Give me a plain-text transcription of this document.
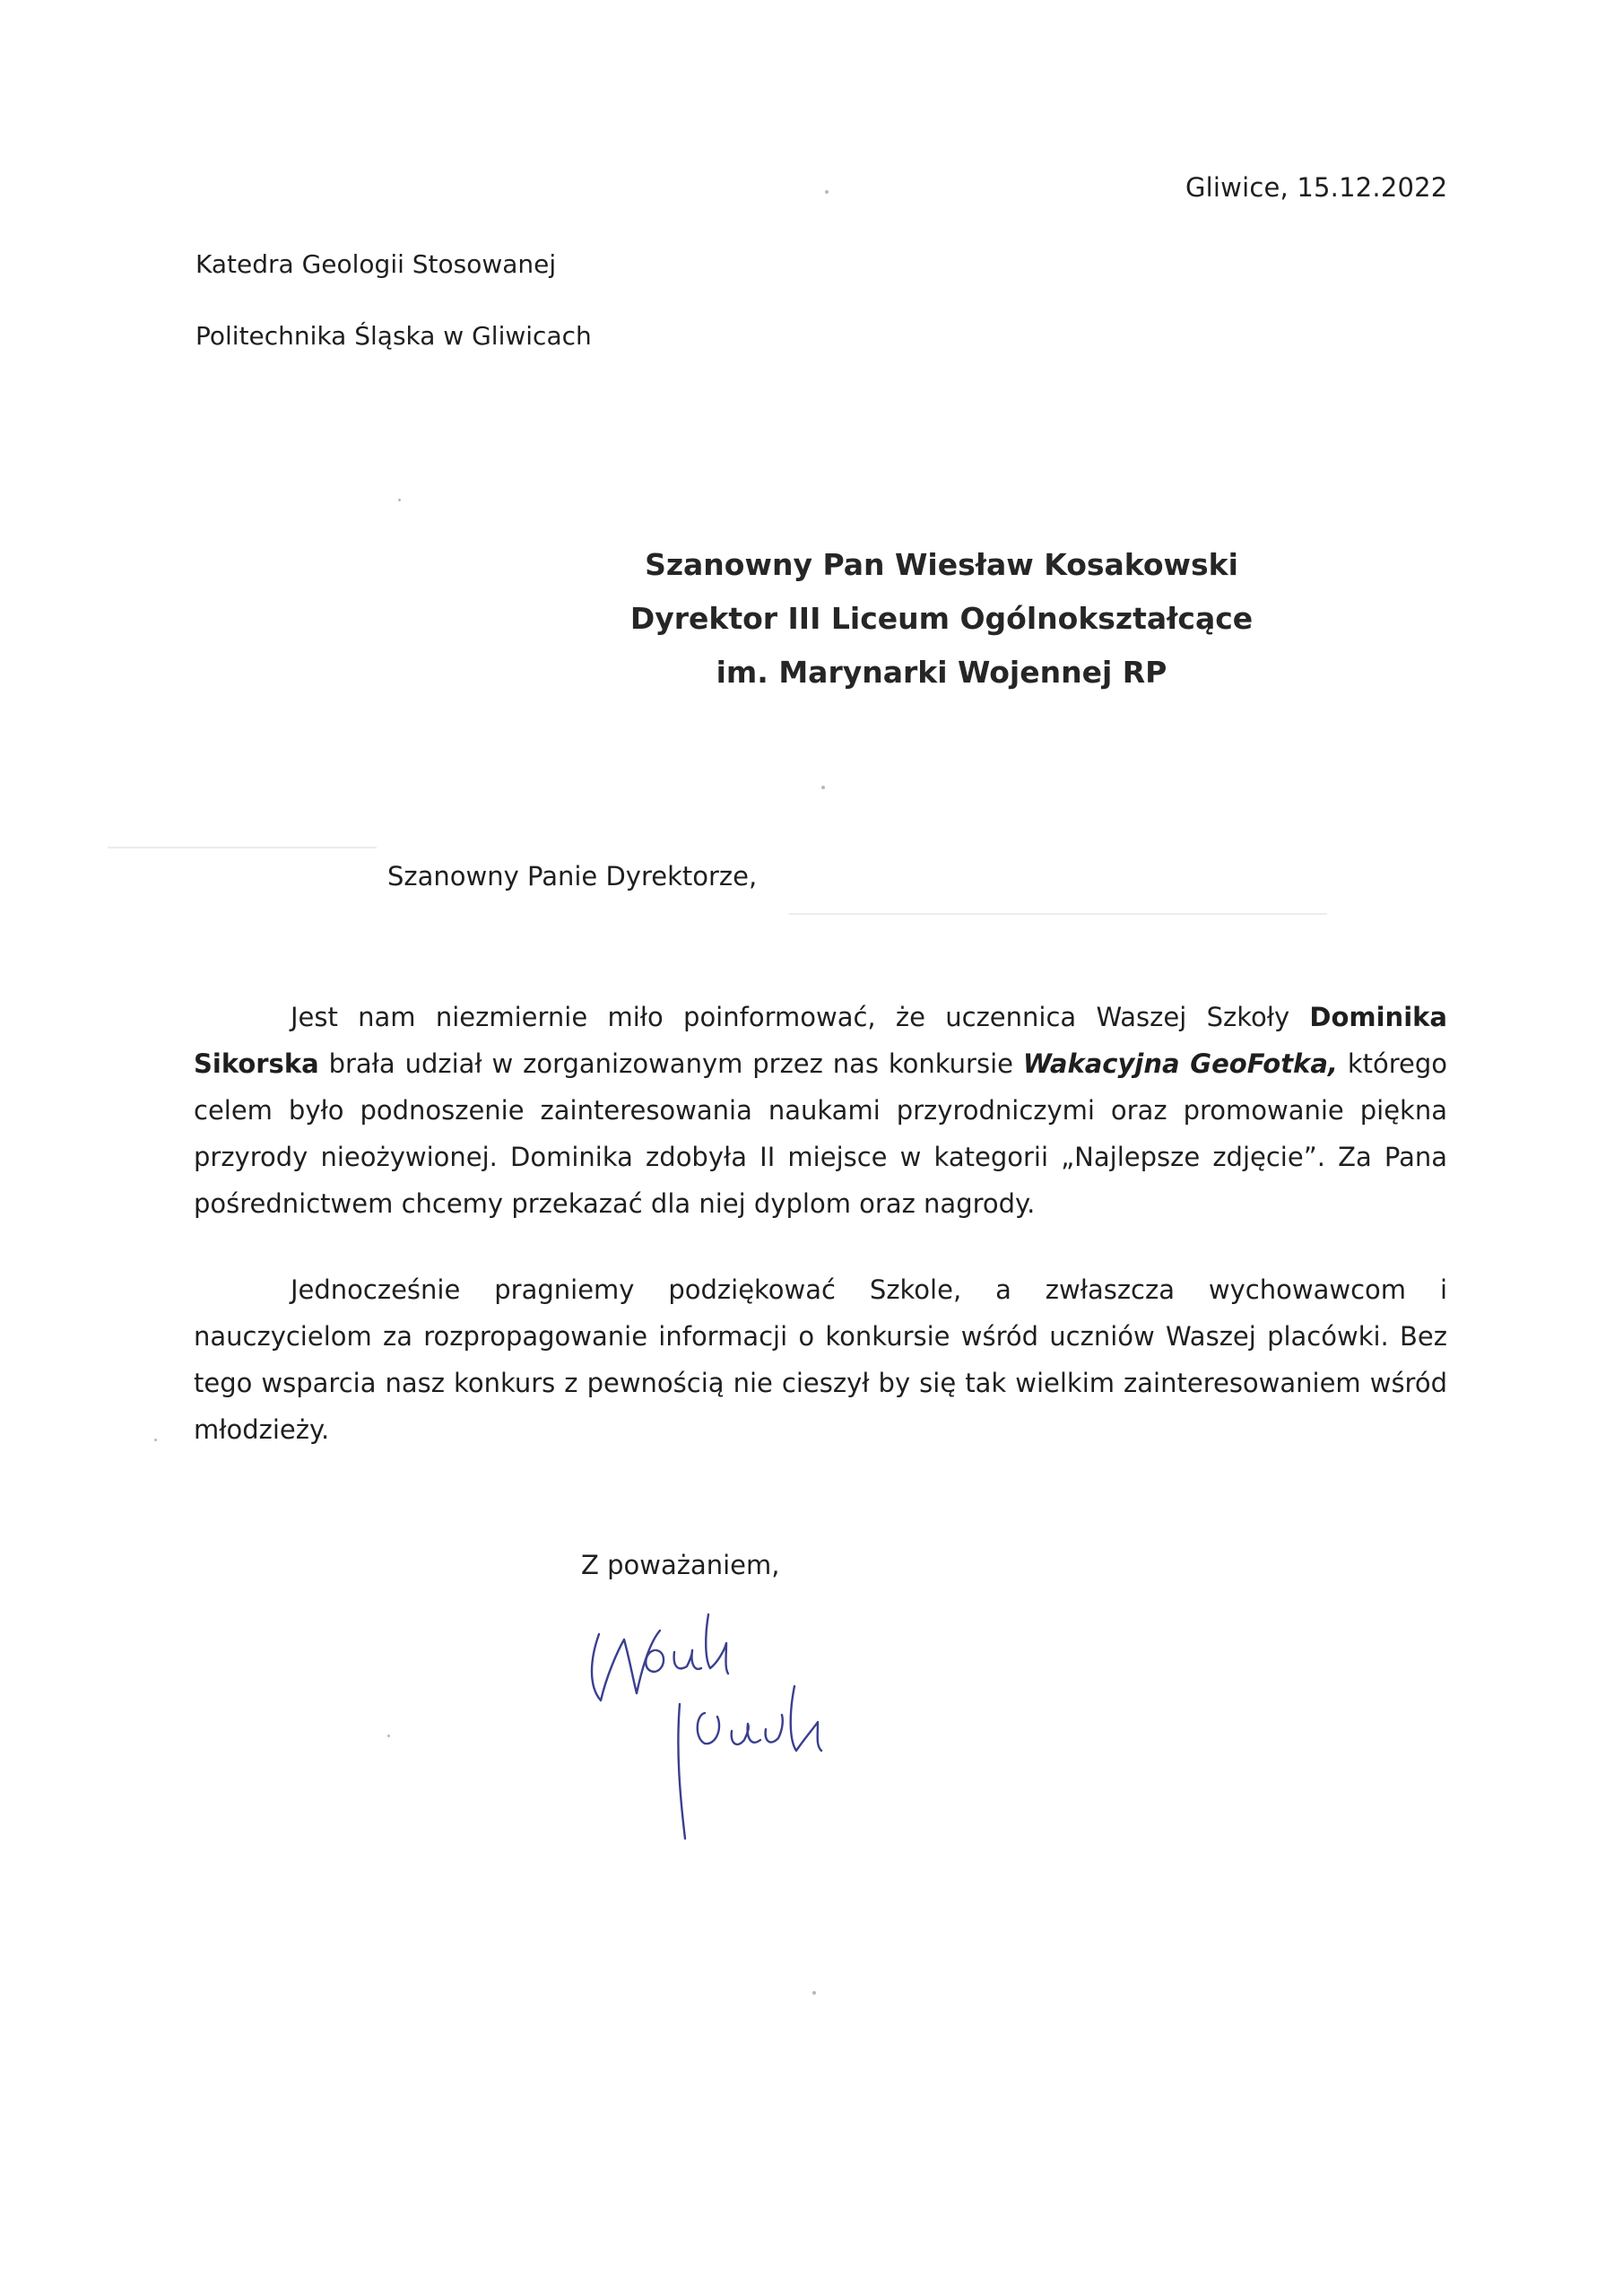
Gliwice, 15.12.2022
Katedra Geologii Stosowanej
Politechnika Śląska w Gliwicach
Szanowny Pan Wiesław Kosakowski
Dyrektor III Liceum Ogólnokształcące
im. Marynarki Wojennej RP
Szanowny Panie Dyrektorze,
Jest nam niezmiernie miło poinformować, że uczennica Waszej Szkoły Dominika Sikorska brała udział w zorganizowanym przez nas konkursie Wakacyjna GeoFotka, którego celem było podnoszenie zainteresowania naukami przyrodniczymi oraz promowanie piękna przyrody nieożywionej. Dominika zdobyła II miejsce w kategorii „Najlepsze zdjęcie”. Za Pana pośrednictwem chcemy przekazać dla niej dyplom oraz nagrody.
Jednocześnie pragniemy podziękować Szkole, a zwłaszcza wychowawcom i nauczycielom za rozpropagowanie informacji o konkursie wśród uczniów Waszej placówki. Bez tego wsparcia nasz konkurs z pewnością nie cieszył by się tak wielkim zainteresowaniem wśród młodzieży.
Z poważaniem,
